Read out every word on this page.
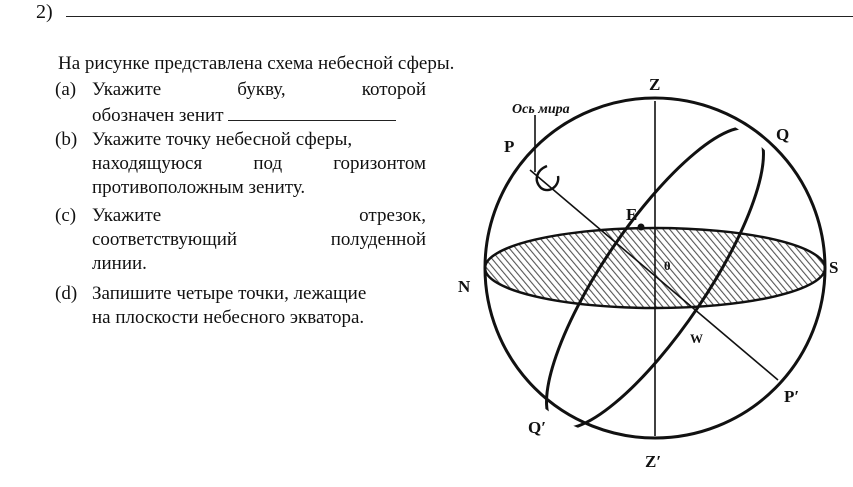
2)
На рисунке представлена схема небесной сферы.
(a) Укажите	букву,	которой
обозначен зенит
(b) Укажите точку небесной сферы,
находящуюся	под	горизонтом
противоположным зениту.
(c) Укажите	отрезок,
соответствующий	полуденной
линии.
(d) Запишите четыре точки, лежащие
на плоскости небесного экватора.
Ось мира
Z
Z′
N
S
P
P′
Q
Q′
E
W
0
